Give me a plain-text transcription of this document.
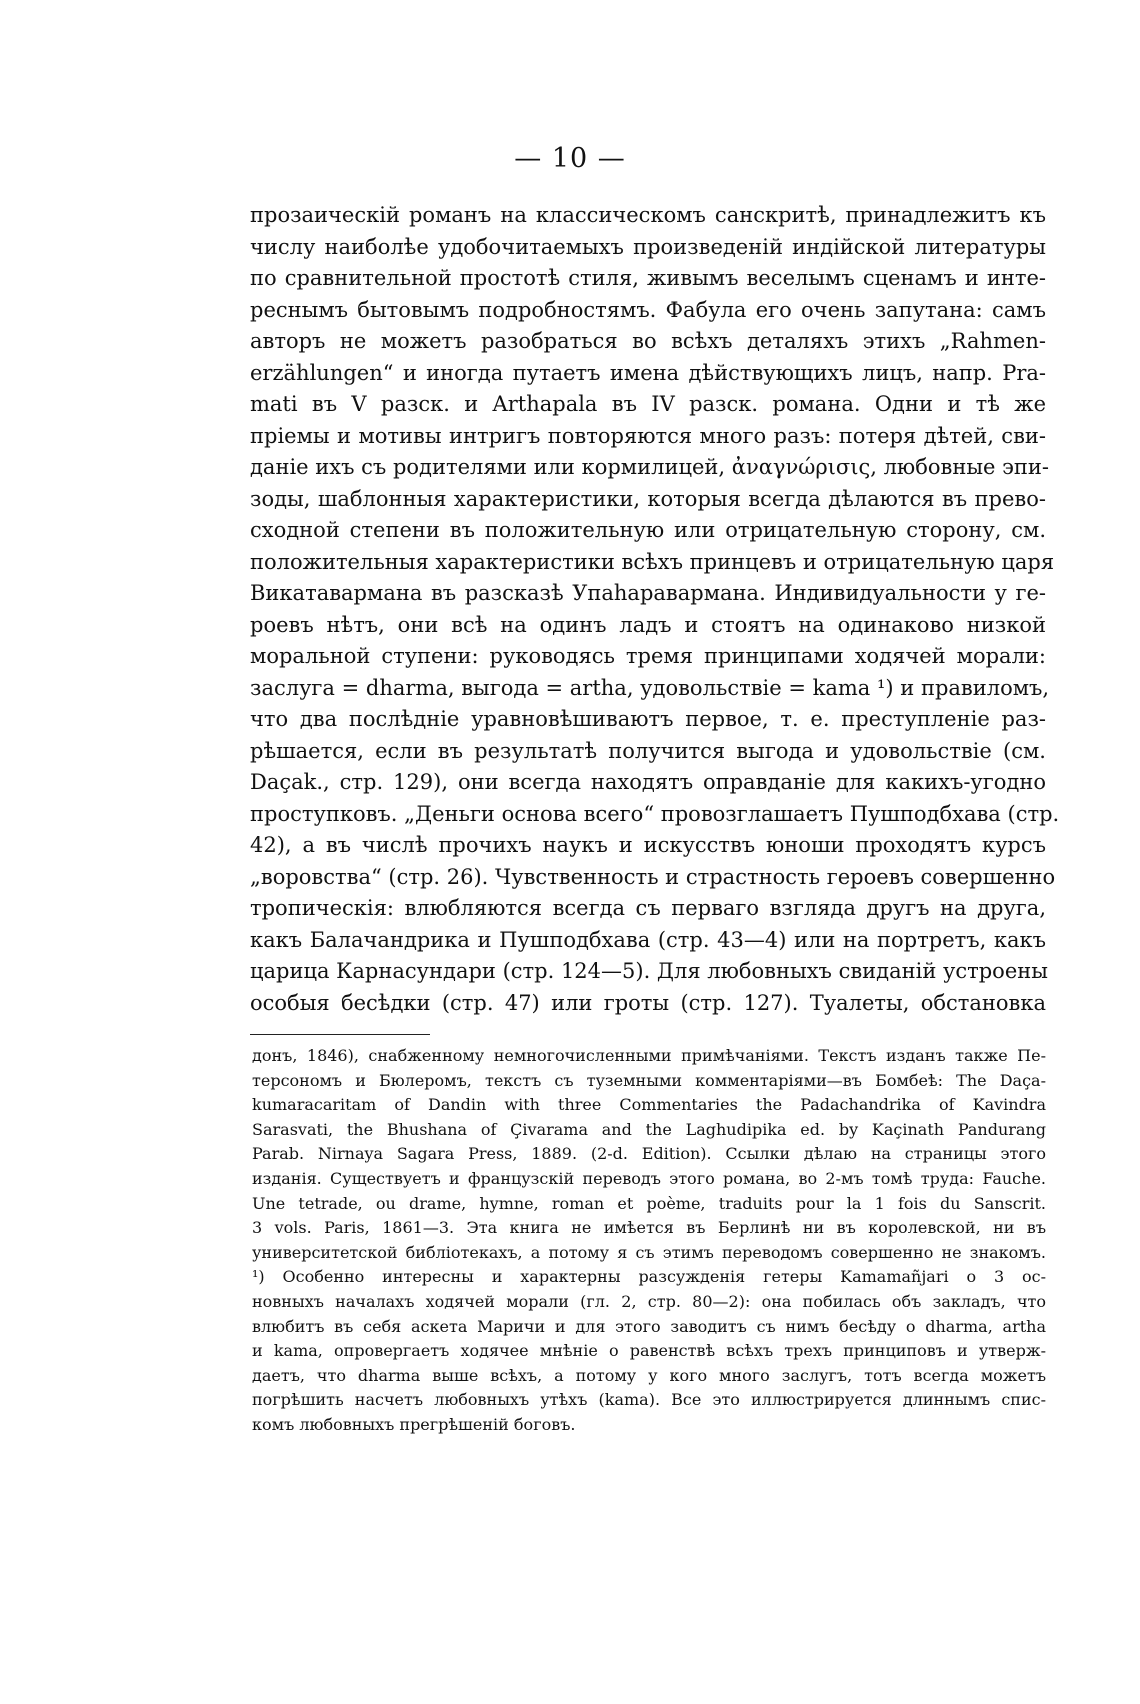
— 10 —
прозаическій романъ на классическомъ санскритѣ, принадлежитъ къ
числу наиболѣе удобочитаемыхъ произведеній индійской литературы
по сравнительной простотѣ стиля, живымъ веселымъ сценамъ и инте-
реснымъ бытовымъ подробностямъ. Фабула его очень запутана: самъ
авторъ не можетъ разобраться во всѣхъ деталяхъ этихъ „Rahmen-
erzählungen“ и иногда путаетъ имена дѣйствующихъ лицъ, напр. Pra-
mati въ V разск. и Arthapala въ IV разск. романа. Одни и тѣ же
пріемы и мотивы интригъ повторяются много разъ: потеря дѣтей, сви-
даніе ихъ съ родителями или кормилицей, ἀναγνώρισις, любовные эпи-
зоды, шаблонныя характеристики, которыя всегда дѣлаются въ прево-
сходной степени въ положительную или отрицательную сторону, см.
положительныя характеристики всѣхъ принцевъ и отрицательную царя
Викатавармана въ разсказѣ Упаһаравармана. Индивидуальности у ге-
роевъ нѣтъ, они всѣ на одинъ ладъ и стоятъ на одинаково низкой
моральной ступени: руководясь тремя принципами ходячей морали:
заслуга = dharma, выгода = artha, удовольствіе = kama ¹) и правиломъ,
что два послѣдніе уравновѣшиваютъ первое, т. е. преступленіе раз-
рѣшается, если въ результатѣ получится выгода и удовольствіе (см.
Daçak., стр. 129), они всегда находятъ оправданіе для какихъ-угодно
проступковъ. „Деньги основа всего“ провозглашаетъ Пушподбхава (стр.
42), а въ числѣ прочихъ наукъ и искусствъ юноши проходятъ курсъ
„воровства“ (стр. 26). Чувственность и страстность героевъ совершенно
тропическія: влюбляются всегда съ перваго взгляда другъ на друга,
какъ Балачандрика и Пушподбхава (стр. 43—4) или на портретъ, какъ
царица Карнасундари (стр. 124—5). Для любовныхъ свиданій устроены
особыя бесѣдки (стр. 47) или гроты (стр. 127). Туалеты, обстановка
донъ, 1846), снабженному немногочисленными примѣчаніями. Текстъ изданъ также Пе-
терсономъ и Бюлеромъ, текстъ съ туземными комментаріями—въ Бомбеѣ: The Daça-
kumaracaritam of Dandin with three Commentaries the Padachandrika of Kavindra
Sarasvati, the Bhushana of Çivarama and the Laghudipika ed. by Kaçinath Pandurang
Parab. Nirnaya Sagara Press, 1889. (2-d. Edition). Ссылки дѣлаю на страницы этого
изданія. Существуетъ и французскій переводъ этого романа, во 2-мъ томѣ труда: Fauche.
Une tetrade, ou drame, hymne, roman et poème, traduits pour la 1 fois du Sanscrit.
3 vols. Paris, 1861—3. Эта книга не имѣется въ Берлинѣ ни въ королевской, ни въ
университетской библіотекахъ, а потому я съ этимъ переводомъ совершенно не знакомъ.
¹) Особенно интересны и характерны разсужденія гетеры Kamamañjari о 3 ос-
новныхъ началахъ ходячей морали (гл. 2, стр. 80—2): она побилась объ закладъ, что
влюбитъ въ себя аскета Маричи и для этого заводитъ съ нимъ бесѣду о dharma, artha
и kama, опровергаетъ ходячее мнѣніе о равенствѣ всѣхъ трехъ принциповъ и утверж-
даетъ, что dharma выше всѣхъ, а потому у кого много заслугъ, тотъ всегда можетъ
погрѣшить насчетъ любовныхъ утѣхъ (kama). Все это иллюстрируется длиннымъ спис-
комъ любовныхъ прегрѣшеній боговъ.
